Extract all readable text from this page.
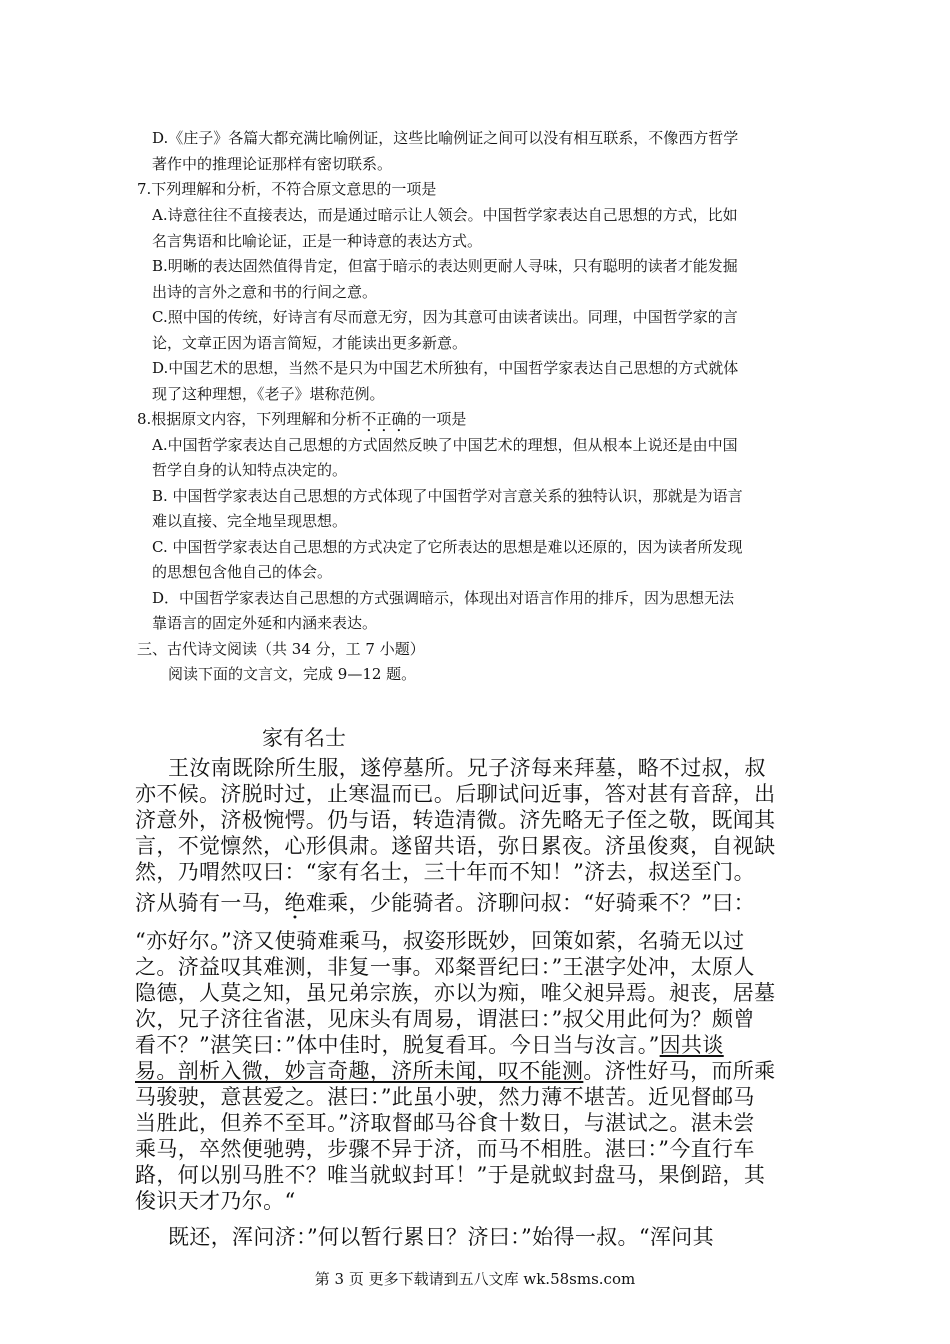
D.《庄子》各篇大都充满比喻例证，这些比喻例证之间可以没有相互联系，不像西方哲学
著作中的推理论证那样有密切联系。
7.下列理解和分析，不符合原文意思的一项是
A.诗意往往不直接表达，而是通过暗示让人领会。中国哲学家表达自己思想的方式，比如
名言隽语和比喻论证，正是一种诗意的表达方式。
B.明晰的表达固然值得肯定，但富于暗示的表达则更耐人寻味，只有聪明的读者才能发掘
出诗的言外之意和书的行间之意。
C.照中国的传统，好诗言有尽而意无穷，因为其意可由读者读出。同理，中国哲学家的言
论，文章正因为语言简短，才能读出更多新意。
D.中国艺术的思想，当然不是只为中国艺术所独有，中国哲学家表达自己思想的方式就体
现了这种理想，《老子》堪称范例。
8.根据原文内容，下列理解和分析不正确的一项是
A.中国哲学家表达自己思想的方式固然反映了中国艺术的理想，但从根本上说还是由中国
哲学自身的认知特点决定的。
B. 中国哲学家表达自己思想的方式体现了中国哲学对言意关系的独特认识，那就是为语言
难以直接、完全地呈现思想。
C. 中国哲学家表达自己思想的方式决定了它所表达的思想是难以还原的，因为读者所发现
的思想包含他自己的体会。
D．中国哲学家表达自己思想的方式强调暗示，体现出对语言作用的排斥，因为思想无法
靠语言的固定外延和内涵来表达。
三、古代诗文阅读（共 34 分，工 7 小题）
阅读下面的文言文，完成 9—12 题。
家有名士
王汝南既除所生服，遂停墓所。兄子济每来拜墓，略不过叔，叔
亦不候。济脱时过，止寒温而已。后聊试问近事，答对甚有音辞，出
济意外，济极惋愕。仍与语，转造清微。济先略无子侄之敬，既闻其
言，不觉懔然，心形俱肃。遂留共语，弥日累夜。济虽俊爽，自视缺
然，乃喟然叹曰：“家有名士，三十年而不知！”济去，叔送至门。
济从骑有一马，绝难乘，少能骑者。济聊问叔：“好骑乘不？”曰：
“亦好尔。”济又使骑难乘马，叔姿形既妙，回策如萦，名骑无以过
之。济益叹其难测，非复一事。邓粲晋纪曰：”王湛字处冲，太原人
隐德，人莫之知，虽兄弟宗族，亦以为痴，唯父昶异焉。昶丧，居墓
次，兄子济往省湛，见床头有周易，谓湛曰：”叔父用此何为？颇曾
看不？”湛笑曰：”体中佳时，脱复看耳。今日当与汝言。”因共谈
易。剖析入微，妙言奇趣，济所未闻，叹不能测。济性好马，而所乘
马骏驶，意甚爱之。湛曰：”此虽小驶，然力薄不堪苦。近见督邮马
当胜此，但养不至耳。”济取督邮马谷食十数日，与湛试之。湛未尝
乘马，卒然便驰骋，步骤不异于济，而马不相胜。湛曰：”今直行车
路，何以别马胜不？唯当就蚁封耳！”于是就蚁封盘马，果倒踣，其
俊识天才乃尔。“
既还，浑问济：”何以暂行累日？济曰：”始得一叔。“浑问其
第 3 页 更多下载请到五八文库 wk.58sms.com
